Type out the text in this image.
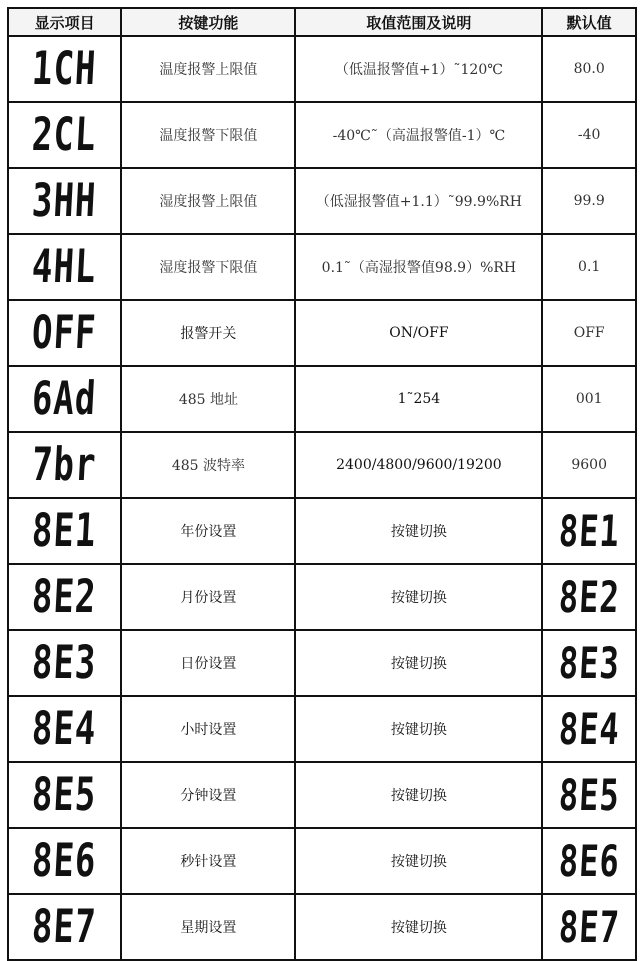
显示项目	按键功能	取值范围及说明	默认值
1CH	温度报警上限值	（低温报警值+1）˜120℃	80.0
2CL	温度报警下限值	-40℃˜（高温报警值-1）℃	-40
3HH	湿度报警上限值	（低湿报警值+1.1）˜99.9%RH	99.9
4HL	湿度报警下限值	0.1˜（高湿报警值98.9）%RH	0.1
OFF	报警开关	ON/OFF	OFF
6Ad	485 地址	1˜254	001
7br	485 波特率	2400/4800/9600/19200	9600
8E1	年份设置	按键切换	8E1
8E2	月份设置	按键切换	8E2
8E3	日份设置	按键切换	8E3
8E4	小时设置	按键切换	8E4
8E5	分钟设置	按键切换	8E5
8E6	秒针设置	按键切换	8E6
8E7	星期设置	按键切换	8E7
